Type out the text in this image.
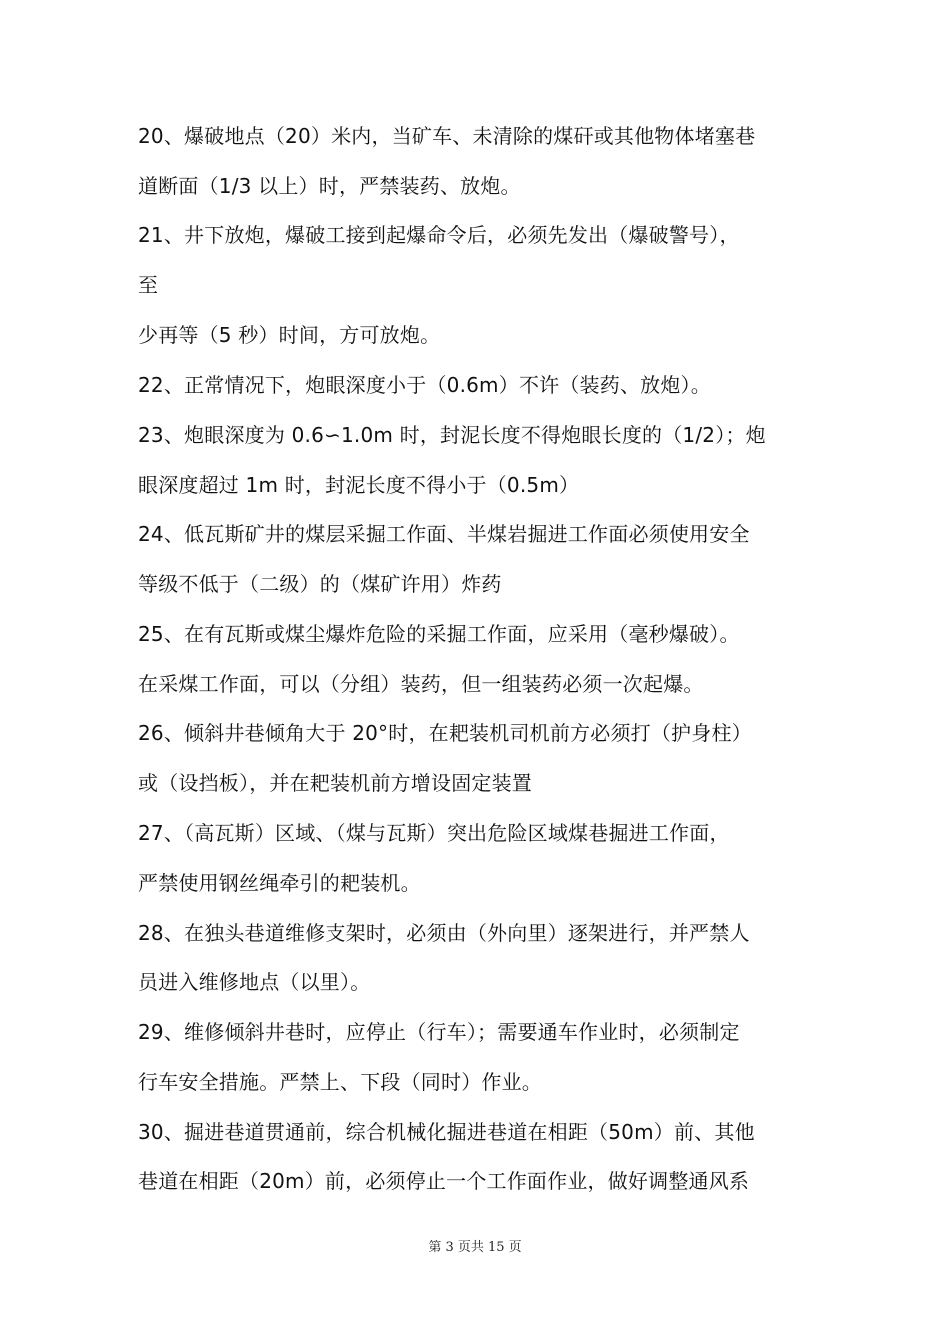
20、爆破地点（20）米内，当矿车、未清除的煤矸或其他物体堵塞巷
道断面（1/3 以上）时，严禁装药、放炮。
21、井下放炮，爆破工接到起爆命令后，必须先发出（爆破警号），
至
少再等（5 秒）时间，方可放炮。
22、正常情况下，炮眼深度小于（0.6m）不许（装药、放炮）。
23、炮眼深度为 0.6∽1.0m 时，封泥长度不得炮眼长度的（1/2）；炮
眼深度超过 1m 时，封泥长度不得小于（0.5m）
24、低瓦斯矿井的煤层采掘工作面、半煤岩掘进工作面必须使用安全
等级不低于（二级）的（煤矿许用）炸药
25、在有瓦斯或煤尘爆炸危险的采掘工作面，应采用（毫秒爆破）。
在采煤工作面，可以（分组）装药，但一组装药必须一次起爆。
26、倾斜井巷倾角大于 20°时，在耙装机司机前方必须打（护身柱）
或（设挡板），并在耙装机前方增设固定装置
27、（高瓦斯）区域、（煤与瓦斯）突出危险区域煤巷掘进工作面，
严禁使用钢丝绳牵引的耙装机。
28、在独头巷道维修支架时，必须由（外向里）逐架进行，并严禁人
员进入维修地点（以里）。
29、维修倾斜井巷时，应停止（行车）；需要通车作业时，必须制定
行车安全措施。严禁上、下段（同时）作业。
30、掘进巷道贯通前，综合机械化掘进巷道在相距（50m）前、其他
巷道在相距（20m）前，必须停止一个工作面作业，做好调整通风系
第 3 页共 15 页
